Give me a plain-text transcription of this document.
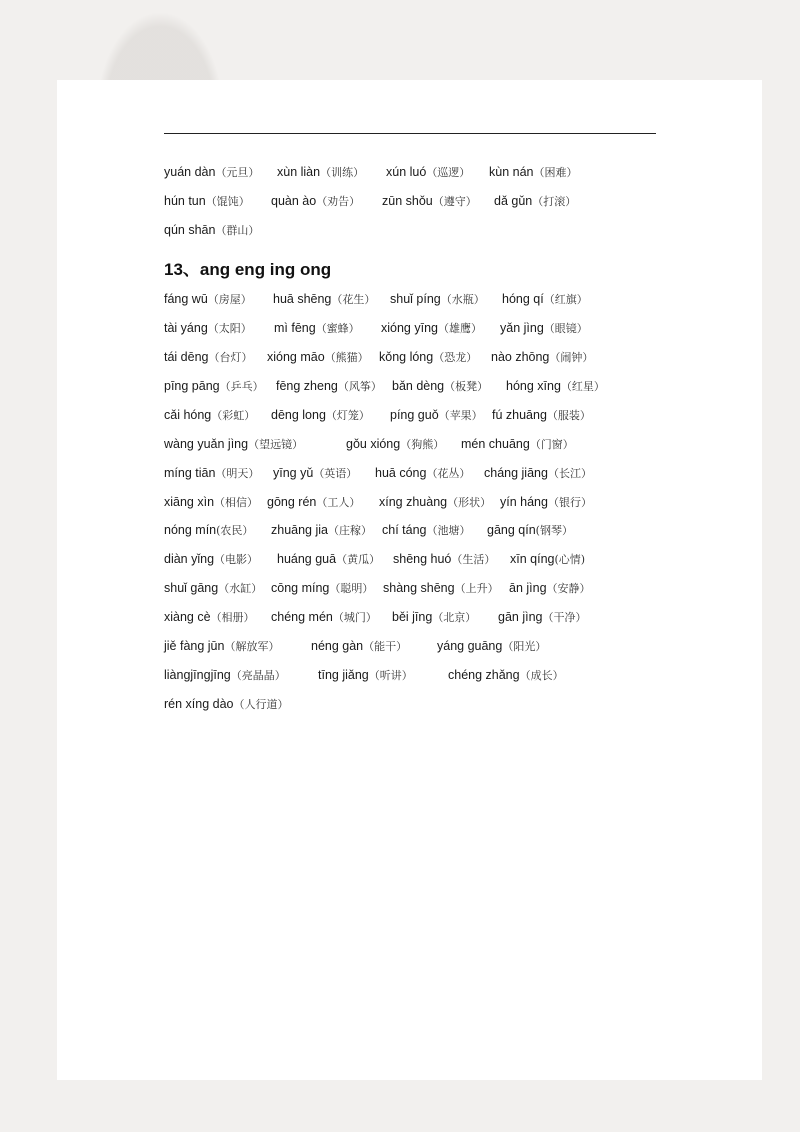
yuán dàn（元旦） xùn liàn（训练） xún luó（巡逻） kùn nán（困难）
hún tun（馄饨） quàn ào（劝告） zūn shǒu（遵守） dǎ gǔn（打滚）
qún shān（群山）
13、ang eng ing ong
fáng wū（房屋） huā shēng（花生） shuǐ píng（水瓶） hóng qí（红旗）
tài yáng（太阳） mì fēng（蜜蜂） xióng yīng（雄鹰） yǎn jìng（眼镜）
tái dēng（台灯） xióng māo（熊猫） kǒng lóng（恐龙） nào zhōng（闹钟）
pīng pāng（乒乓） fēng zheng（风筝） bǎn dèng（板凳） hóng xīng（红星）
cǎi hóng（彩虹） dēng long（灯笼） píng guǒ（苹果） fú zhuāng（服装）
wàng yuǎn jìng（望远镜）	gǒu xióng（狗熊） mén chuāng（门窗）
míng tiān（明天） yīng yǔ（英语） huā cóng（花丛） cháng jiāng（长江）
xiāng xìn（相信） gōng rén（工人） xíng zhuàng（形状） yín háng（银行）
nóng mín(农民） zhuāng jia（庄稼） chí táng（池塘） gāng qín(钢琴）
diàn yǐng（电影） huáng guā（黄瓜） shēng huó（生活） xīn qíng(心情)
shuǐ gāng（水缸） cōng míng（聪明） shàng shēng（上升） ān jìng（安静）
xiàng cè（相册） chéng mén（城门） běi jīng（北京） gān jìng（干净）
jiě fàng jūn（解放军）	néng gàn（能干） yáng guāng（阳光）
liàngjīngjīng（亮晶晶）	tīng jiǎng（听讲）	chéng zhǎng（成长）
rén xíng dào（人行道）
